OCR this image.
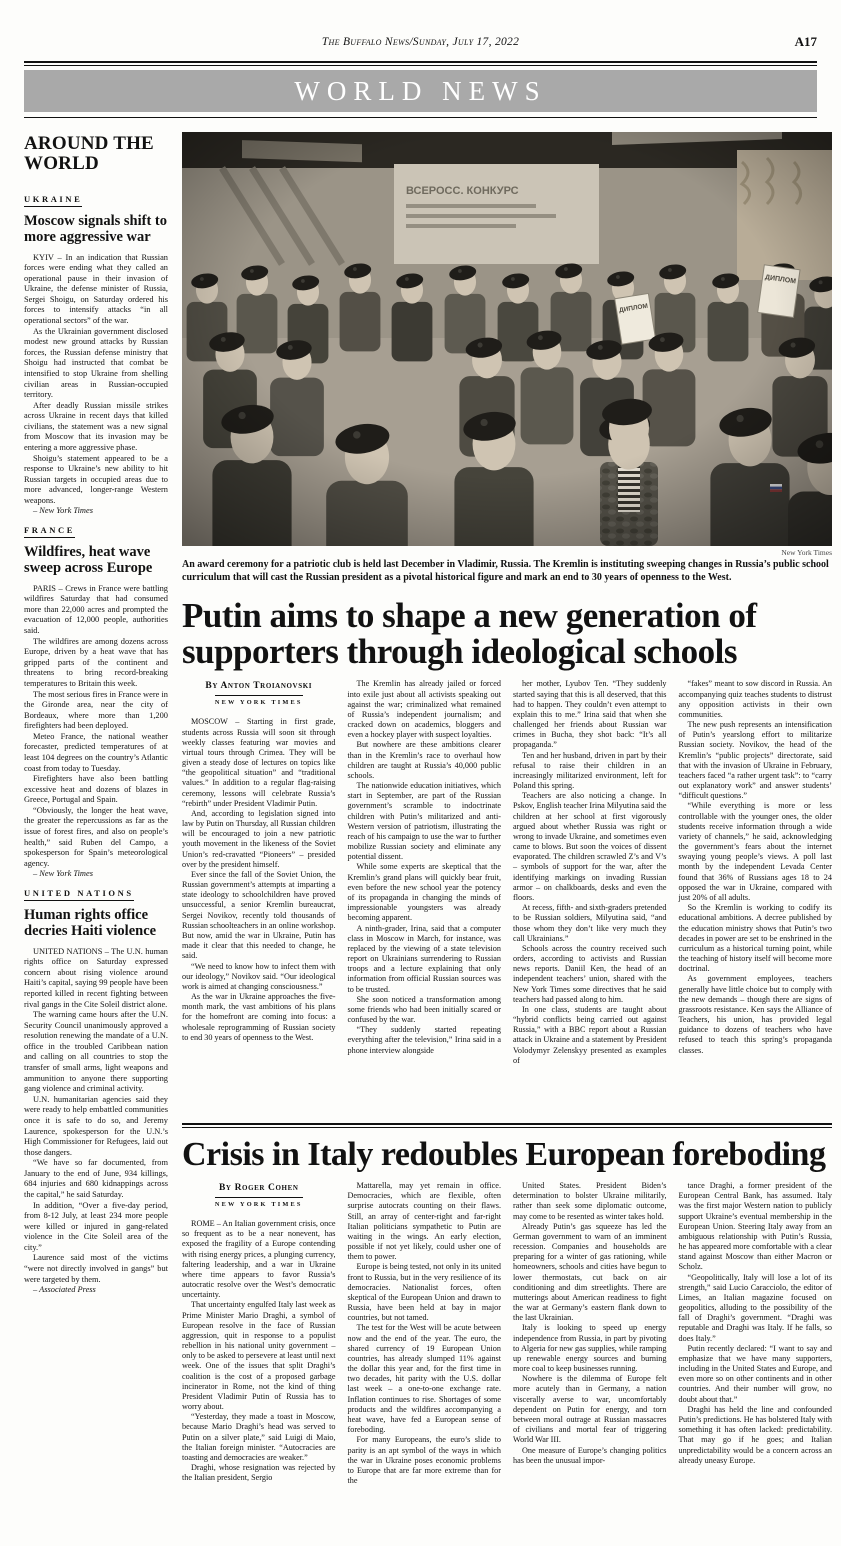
The Buffalo News/Sunday, July 17, 2022	A17
WORLD NEWS
AROUND THE WORLD
UKRAINE
Moscow signals shift to more aggressive war

KYIV – In an indication that Russian forces were ending what they called an operational pause in their invasion of Ukraine, the defense minister of Russia, Sergei Shoigu, on Saturday ordered his forces to intensify attacks “in all operational sectors” of the war.

As the Ukrainian government disclosed modest new ground attacks by Russian forces, the Russian defense ministry that Shoigu had instructed that combat be intensified to stop Ukraine from shelling civilian areas in Russian-occupied territory.

After deadly Russian missile strikes across Ukraine in recent days that killed civilians, the statement was a new signal from Moscow that its invasion may be entering a more aggressive phase.

Shoigu’s statement appeared to be a response to Ukraine’s new ability to hit Russian targets in occupied areas due to more advanced, longer-range Western weapons.

– New York Times

FRANCE
Wildfires, heat wave sweep across Europe

PARIS – Crews in France were battling wildfires Saturday that had consumed more than 22,000 acres and prompted the evacuation of 12,000 people, authorities said.

The wildfires are among dozens across Europe, driven by a heat wave that has gripped parts of the continent and threatens to bring record-breaking temperatures to Britain this week.

The most serious fires in France were in the Gironde area, near the city of Bordeaux, where more than 1,200 firefighters had been deployed.

Meteo France, the national weather forecaster, predicted temperatures of at least 104 degrees on the country’s Atlantic coast from today to Tuesday.

Firefighters have also been battling excessive heat and dozens of blazes in Greece, Portugal and Spain.

“Obviously, the longer the heat wave, the greater the repercussions as far as the issue of forest fires, and also on people’s health,” said Ruben del Campo, a spokesperson for Spain’s meteorological agency.

– New York Times

UNITED NATIONS
Human rights office decries Haiti violence

UNITED NATIONS – The U.N. human rights office on Saturday expressed concern about rising violence around Haiti’s capital, saying 99 people have been reported killed in recent fighting between rival gangs in the Cite Soleil district alone.

The warning came hours after the U.N. Security Council unanimously approved a resolution renewing the mandate of a U.N. office in the troubled Caribbean nation and calling on all countries to stop the transfer of small arms, light weapons and ammunition to anyone there supporting gang violence and criminal activity.

U.N. humanitarian agencies said they were ready to help embattled communities once it is safe to do so, and Jeremy Laurence, spokesperson for the U.N.’s High Commissioner for Refugees, laid out those dangers.

“We have so far documented, from January to the end of June, 934 killings, 684 injuries and 680 kidnappings across the capital,” he said Saturday.

In addition, “Over a five-day period, from 8-12 July, at least 234 more people were killed or injured in gang-related violence in the Cite Soleil area of the city.”

Laurence said most of the victims “were not directly involved in gangs” but were targeted by them.

– Associated Press

New York Times
An award ceremony for a patriotic club is held last December in Vladimir, Russia. The Kremlin is instituting sweeping changes in Russia’s public school curriculum that will cast the Russian president as a pivotal historical figure and mark an end to 30 years of openness to the West.
Putin aims to shape a new generation of supporters through ideological schools
By Anton Troianovski
NEW YORK TIMES

MOSCOW – Starting in first grade, students across Russia will soon sit through weekly classes featuring war movies and virtual tours through Crimea. They will be given a steady dose of lectures on topics like “the geopolitical situation” and “traditional values.” In addition to a regular flag-raising ceremony, lessons will celebrate Russia’s “rebirth” under President Vladimir Putin.

And, according to legislation signed into law by Putin on Thursday, all Russian children will be encouraged to join a new patriotic youth movement in the likeness of the Soviet Union’s red-cravatted “Pioneers” – presided over by the president himself.

Ever since the fall of the Soviet Union, the Russian government’s attempts at imparting a state ideology to schoolchildren have proved unsuccessful, a senior Kremlin bureaucrat, Sergei Novikov, recently told thousands of Russian schoolteachers in an online workshop. But now, amid the war in Ukraine, Putin has made it clear that this needed to change, he said.

“We need to know how to infect them with our ideology,” Novikov said. “Our ideological work is aimed at changing consciousness.”

As the war in Ukraine approaches the five-month mark, the vast ambitions of his plans for the homefront are coming into focus: a wholesale reprogramming of Russian society to end 30 years of openness to the West.

The Kremlin has already jailed or forced into exile just about all activists speaking out against the war; criminalized what remained of Russia’s independent journalism; and cracked down on academics, bloggers and even a hockey player with suspect loyalties.

But nowhere are these ambitions clearer than in the Kremlin’s race to overhaul how children are taught at Russia’s 40,000 public schools.

The nationwide education initiatives, which start in September, are part of the Russian government’s scramble to indoctrinate children with Putin’s militarized and anti-Western version of patriotism, illustrating the reach of his campaign to use the war to further mobilize Russian society and eliminate any potential dissent.

While some experts are skeptical that the Kremlin’s grand plans will quickly bear fruit, even before the new school year the potency of its propaganda in changing the minds of impressionable youngsters was already becoming apparent.

A ninth-grader, Irina, said that a computer class in Moscow in March, for instance, was replaced by the viewing of a state television report on Ukrainians surrendering to Russian troops and a lecture explaining that only information from official Russian sources was to be trusted.

She soon noticed a transformation among some friends who had been initially scared or confused by the war.

“They suddenly started repeating everything after the television,” Irina said in a phone interview alongside

her mother, Lyubov Ten. “They suddenly started saying that this is all deserved, that this had to happen. They couldn’t even attempt to explain this to me.” Irina said that when she challenged her friends about Russian war crimes in Bucha, they shot back: “It’s all propaganda.”

Ten and her husband, driven in part by their refusal to raise their children in an increasingly militarized environment, left for Poland this spring.

Teachers are also noticing a change. In Pskov, English teacher Irina Milyutina said the children at her school at first vigorously argued about whether Russia was right or wrong to invade Ukraine, and sometimes even came to blows. But soon the voices of dissent evaporated. The children scrawled Z’s and V’s – symbols of support for the war, after the identifying markings on invading Russian armor – on chalkboards, desks and even the floors.

At recess, fifth- and sixth-graders pretended to be Russian soldiers, Milyutina said, “and those whom they don’t like very much they call Ukrainians.”

Schools across the country received such orders, according to activists and Russian news reports. Daniil Ken, the head of an independent teachers’ union, shared with the New York Times some directives that he said teachers had passed along to him.

In one class, students are taught about “hybrid conflicts being carried out against Russia,” with a BBC report about a Russian attack in Ukraine and a statement by President Volodymyr Zelenskyy presented as examples of

“fakes” meant to sow discord in Russia. An accompanying quiz teaches students to distrust any opposition activists in their own communities.

The new push represents an intensification of Putin’s yearslong effort to militarize Russian society. Novikov, the head of the Kremlin’s “public projects” directorate, said that with the invasion of Ukraine in February, teachers faced “a rather urgent task”: to “carry out explanatory work” and answer students’ “difficult questions.”

“While everything is more or less controllable with the younger ones, the older students receive information through a wide variety of channels,” he said, acknowledging the government’s fears about the internet swaying young people’s views. A poll last month by the independent Levada Center found that 36% of Russians ages 18 to 24 opposed the war in Ukraine, compared with just 20% of all adults.

So the Kremlin is working to codify its educational ambitions. A decree published by the education ministry shows that Putin’s two decades in power are set to be enshrined in the curriculum as a historical turning point, while the teaching of history itself will become more doctrinal.

As government employees, teachers generally have little choice but to comply with the new demands – though there are signs of grassroots resistance. Ken says the Alliance of Teachers, his union, has provided legal guidance to dozens of teachers who have refused to teach this spring’s propaganda classes.

Crisis in Italy redoubles European foreboding
By Roger Cohen
NEW YORK TIMES

ROME – An Italian government crisis, once so frequent as to be a near nonevent, has exposed the fragility of a Europe contending with rising energy prices, a plunging currency, faltering leadership, and a war in Ukraine where time appears to favor Russia’s autocratic resolve over the West’s democratic uncertainty.

That uncertainty engulfed Italy last week as Prime Minister Mario Draghi, a symbol of European resolve in the face of Russian aggression, quit in response to a populist rebellion in his national unity government – only to be asked to persevere at least until next week. One of the issues that split Draghi’s coalition is the cost of a proposed garbage incinerator in Rome, not the kind of thing President Vladimir Putin of Russia has to worry about.

“Yesterday, they made a toast in Moscow, because Mario Draghi’s head was served to Putin on a silver plate,” said Luigi di Maio, the Italian foreign minister. “Autocracies are toasting and democracies are weaker.”

Draghi, whose resignation was rejected by the Italian president, Sergio

Mattarella, may yet remain in office. Democracies, which are flexible, often surprise autocrats counting on their flaws. Still, an array of center-right and far-right Italian politicians sympathetic to Putin are waiting in the wings. An early election, possible if not yet likely, could usher one of them to power.

Europe is being tested, not only in its united front to Russia, but in the very resilience of its democracies. Nationalist forces, often skeptical of the European Union and drawn to Russia, have been held at bay in major countries, but not tamed.

The test for the West will be acute between now and the end of the year. The euro, the shared currency of 19 European Union countries, has already slumped 11% against the dollar this year and, for the first time in two decades, hit parity with the U.S. dollar last week – a one-to-one exchange rate. Inflation continues to rise. Shortages of some products and the wildfires accompanying a heat wave, have fed a European sense of foreboding.

For many Europeans, the euro’s slide to parity is an apt symbol of the ways in which the war in Ukraine poses economic problems to Europe that are far more extreme than for the

United States. President Biden’s determination to bolster Ukraine militarily, rather than seek some diplomatic outcome, may come to be resented as winter takes hold.

Already Putin’s gas squeeze has led the German government to warn of an imminent recession. Companies and households are preparing for a winter of gas rationing, while homeowners, schools and cities have begun to lower thermostats, cut back on air conditioning and dim streetlights. There are mutterings about American readiness to fight the war at Germany’s eastern flank down to the last Ukrainian.

Italy is looking to speed up energy independence from Russia, in part by pivoting to Algeria for new gas supplies, while ramping up renewable energy sources and burning more coal to keep businesses running.

Nowhere is the dilemma of Europe felt more acutely than in Germany, a nation viscerally averse to war, uncomfortably dependent on Putin for energy, and torn between moral outrage at Russian massacres of civilians and mortal fear of triggering World War III.

One measure of Europe’s changing politics has been the unusual impor-

tance Draghi, a former president of the European Central Bank, has assumed. Italy was the first major Western nation to publicly support Ukraine’s eventual membership in the European Union. Steering Italy away from an ambiguous relationship with Putin’s Russia, he has appeared more comfortable with a clear stand against Moscow than either Macron or Scholz.

“Geopolitically, Italy will lose a lot of its strength,” said Lucio Caracciolo, the editor of Limes, an Italian magazine focused on geopolitics, alluding to the possibility of the fall of Draghi’s government. “Draghi was reputable and Draghi was Italy. If he falls, so does Italy.”

Putin recently declared: “I want to say and emphasize that we have many supporters, including in the United States and Europe, and even more so on other continents and in other countries. And their number will grow, no doubt about that.”

Draghi has held the line and confounded Putin’s predictions. He has bolstered Italy with something it has often lacked: predictability. That may go if he goes; and Italian unpredictability would be a concern across an already uneasy Europe.
